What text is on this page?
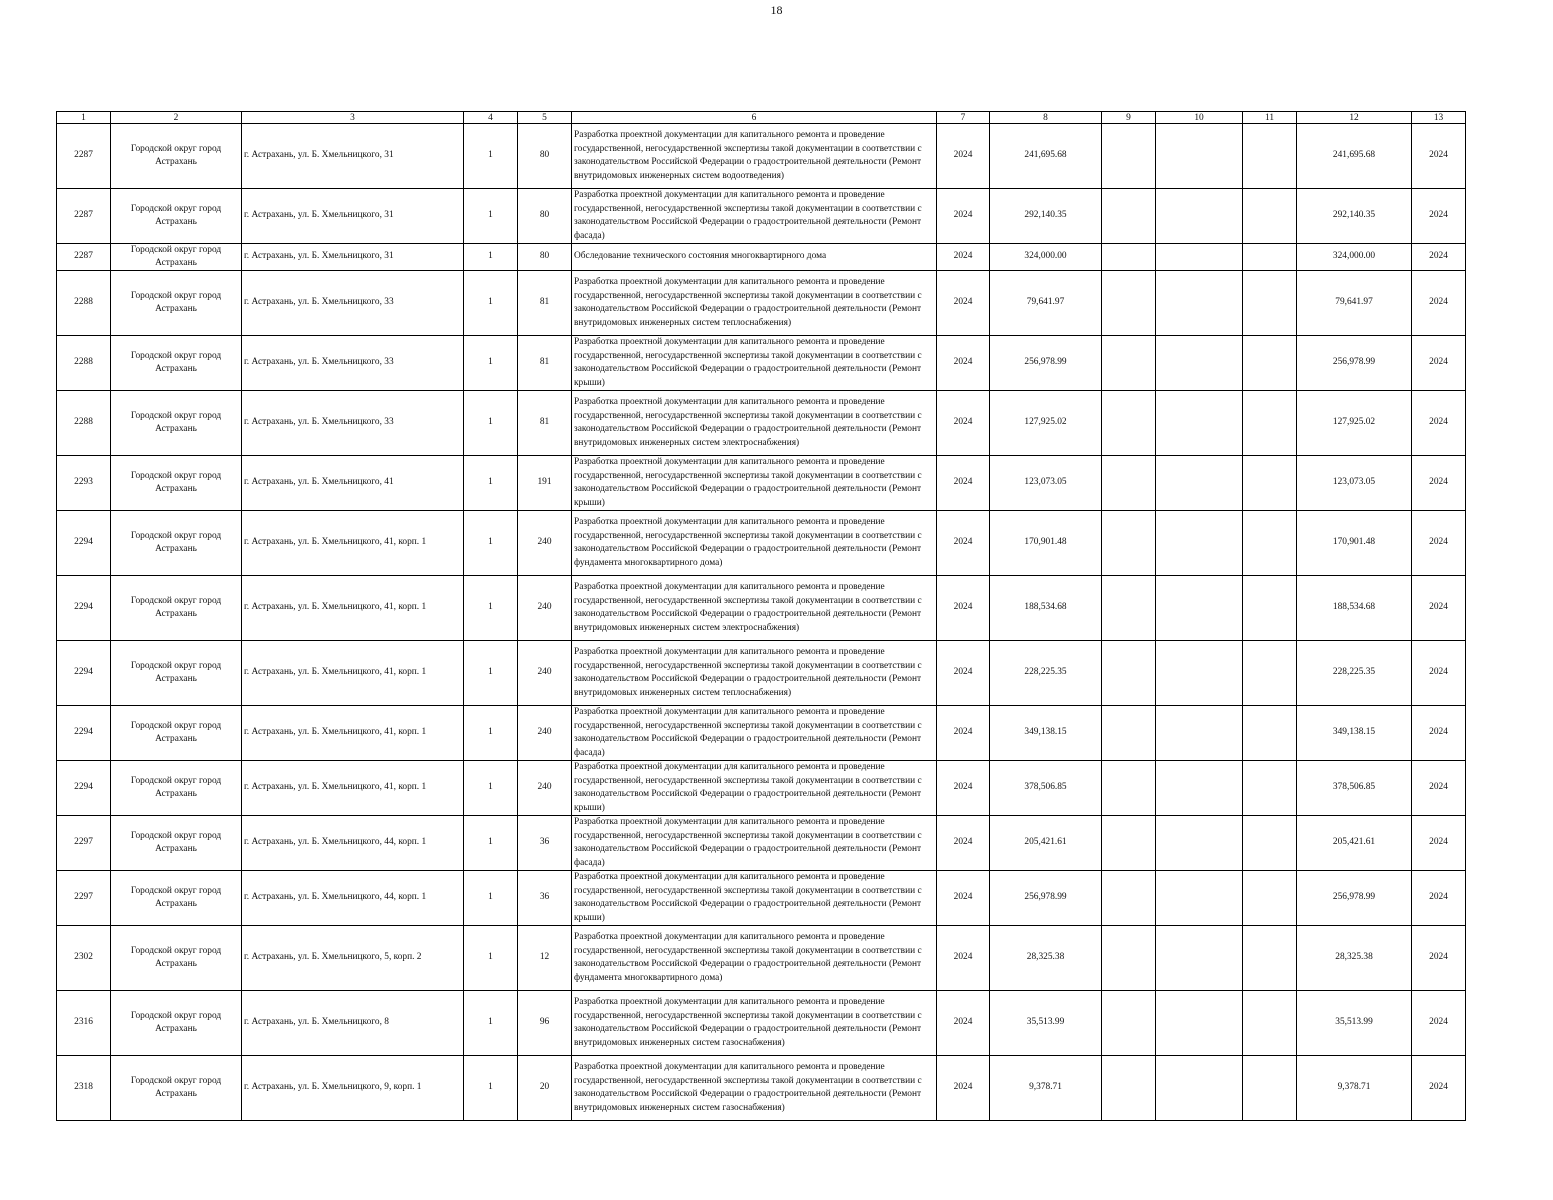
18
1	2	3	4	5	6	7	8	9	10	11	12	13
2287	Городской округ город Астрахань	г. Астрахань, ул. Б. Хмельницкого, 31	1	80	Разработка проектной документации для капитального ремонта и проведение государственной, негосударственной экспертизы такой документации в соответствии с законодательством Российской Федерации о градостроительной деятельности (Ремонт внутридомовых инженерных систем водоотведения)	2024	241,695.68				241,695.68	2024
2287	Городской округ город Астрахань	г. Астрахань, ул. Б. Хмельницкого, 31	1	80	Разработка проектной документации для капитального ремонта и проведение государственной, негосударственной экспертизы такой документации в соответствии с законодательством Российской Федерации о градостроительной деятельности (Ремонт фасада)	2024	292,140.35				292,140.35	2024
2287	Городской округ город Астрахань	г. Астрахань, ул. Б. Хмельницкого, 31	1	80	Обследование технического состояния многоквартирного дома	2024	324,000.00				324,000.00	2024
2288	Городской округ город Астрахань	г. Астрахань, ул. Б. Хмельницкого, 33	1	81	Разработка проектной документации для капитального ремонта и проведение государственной, негосударственной экспертизы такой документации в соответствии с законодательством Российской Федерации о градостроительной деятельности (Ремонт внутридомовых инженерных систем теплоснабжения)	2024	79,641.97				79,641.97	2024
2288	Городской округ город Астрахань	г. Астрахань, ул. Б. Хмельницкого, 33	1	81	Разработка проектной документации для капитального ремонта и проведение государственной, негосударственной экспертизы такой документации в соответствии с законодательством Российской Федерации о градостроительной деятельности (Ремонт крыши)	2024	256,978.99				256,978.99	2024
2288	Городской округ город Астрахань	г. Астрахань, ул. Б. Хмельницкого, 33	1	81	Разработка проектной документации для капитального ремонта и проведение государственной, негосударственной экспертизы такой документации в соответствии с законодательством Российской Федерации о градостроительной деятельности (Ремонт внутридомовых инженерных систем электроснабжения)	2024	127,925.02				127,925.02	2024
2293	Городской округ город Астрахань	г. Астрахань, ул. Б. Хмельницкого, 41	1	191	Разработка проектной документации для капитального ремонта и проведение государственной, негосударственной экспертизы такой документации в соответствии с законодательством Российской Федерации о градостроительной деятельности (Ремонт крыши)	2024	123,073.05				123,073.05	2024
2294	Городской округ город Астрахань	г. Астрахань, ул. Б. Хмельницкого, 41, корп. 1	1	240	Разработка проектной документации для капитального ремонта и проведение государственной, негосударственной экспертизы такой документации в соответствии с законодательством Российской Федерации о градостроительной деятельности (Ремонт фундамента многоквартирного дома)	2024	170,901.48				170,901.48	2024
2294	Городской округ город Астрахань	г. Астрахань, ул. Б. Хмельницкого, 41, корп. 1	1	240	Разработка проектной документации для капитального ремонта и проведение государственной, негосударственной экспертизы такой документации в соответствии с законодательством Российской Федерации о градостроительной деятельности (Ремонт внутридомовых инженерных систем электроснабжения)	2024	188,534.68				188,534.68	2024
2294	Городской округ город Астрахань	г. Астрахань, ул. Б. Хмельницкого, 41, корп. 1	1	240	Разработка проектной документации для капитального ремонта и проведение государственной, негосударственной экспертизы такой документации в соответствии с законодательством Российской Федерации о градостроительной деятельности (Ремонт внутридомовых инженерных систем теплоснабжения)	2024	228,225.35				228,225.35	2024
2294	Городской округ город Астрахань	г. Астрахань, ул. Б. Хмельницкого, 41, корп. 1	1	240	Разработка проектной документации для капитального ремонта и проведение государственной, негосударственной экспертизы такой документации в соответствии с законодательством Российской Федерации о градостроительной деятельности (Ремонт фасада)	2024	349,138.15				349,138.15	2024
2294	Городской округ город Астрахань	г. Астрахань, ул. Б. Хмельницкого, 41, корп. 1	1	240	Разработка проектной документации для капитального ремонта и проведение государственной, негосударственной экспертизы такой документации в соответствии с законодательством Российской Федерации о градостроительной деятельности (Ремонт крыши)	2024	378,506.85				378,506.85	2024
2297	Городской округ город Астрахань	г. Астрахань, ул. Б. Хмельницкого, 44, корп. 1	1	36	Разработка проектной документации для капитального ремонта и проведение государственной, негосударственной экспертизы такой документации в соответствии с законодательством Российской Федерации о градостроительной деятельности (Ремонт фасада)	2024	205,421.61				205,421.61	2024
2297	Городской округ город Астрахань	г. Астрахань, ул. Б. Хмельницкого, 44, корп. 1	1	36	Разработка проектной документации для капитального ремонта и проведение государственной, негосударственной экспертизы такой документации в соответствии с законодательством Российской Федерации о градостроительной деятельности (Ремонт крыши)	2024	256,978.99				256,978.99	2024
2302	Городской округ город Астрахань	г. Астрахань, ул. Б. Хмельницкого, 5, корп. 2	1	12	Разработка проектной документации для капитального ремонта и проведение государственной, негосударственной экспертизы такой документации в соответствии с законодательством Российской Федерации о градостроительной деятельности (Ремонт фундамента многоквартирного дома)	2024	28,325.38				28,325.38	2024
2316	Городской округ город Астрахань	г. Астрахань, ул. Б. Хмельницкого, 8	1	96	Разработка проектной документации для капитального ремонта и проведение государственной, негосударственной экспертизы такой документации в соответствии с законодательством Российской Федерации о градостроительной деятельности (Ремонт внутридомовых инженерных систем газоснабжения)	2024	35,513.99				35,513.99	2024
2318	Городской округ город Астрахань	г. Астрахань, ул. Б. Хмельницкого, 9, корп. 1	1	20	Разработка проектной документации для капитального ремонта и проведение государственной, негосударственной экспертизы такой документации в соответствии с законодательством Российской Федерации о градостроительной деятельности (Ремонт внутридомовых инженерных систем газоснабжения)	2024	9,378.71				9,378.71	2024
